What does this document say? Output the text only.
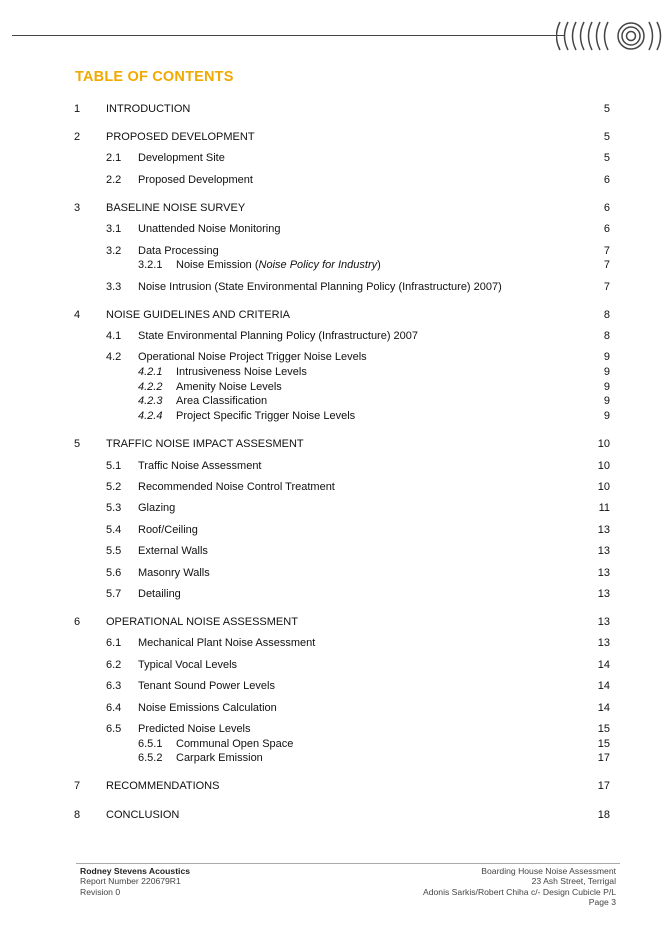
TABLE OF CONTENTS
1 INTRODUCTION	5
2 PROPOSED DEVELOPMENT	5
2.1 Development Site	5
2.2 Proposed Development	6
3 BASELINE NOISE SURVEY	6
3.1 Unattended Noise Monitoring	6
3.2 Data Processing	7
3.2.1 Noise Emission (Noise Policy for Industry)	7
3.3 Noise Intrusion (State Environmental Planning Policy (Infrastructure) 2007)	7
4 NOISE GUIDELINES AND CRITERIA	8
4.1 State Environmental Planning Policy (Infrastructure) 2007	8
4.2 Operational Noise Project Trigger Noise Levels	9
4.2.1 Intrusiveness Noise Levels	9
4.2.2 Amenity Noise Levels	9
4.2.3 Area Classification	9
4.2.4 Project Specific Trigger Noise Levels	9
5 TRAFFIC NOISE IMPACT ASSESMENT	10
5.1 Traffic Noise Assessment	10
5.2 Recommended Noise Control Treatment	10
5.3 Glazing	11
5.4 Roof/Ceiling	13
5.5 External Walls	13
5.6 Masonry Walls	13
5.7 Detailing	13
6 OPERATIONAL NOISE ASSESSMENT	13
6.1 Mechanical Plant Noise Assessment	13
6.2 Typical Vocal Levels	14
6.3 Tenant Sound Power Levels	14
6.4 Noise Emissions Calculation	14
6.5 Predicted Noise Levels	15
6.5.1 Communal Open Space	15
6.5.2 Carpark Emission	17
7 RECOMMENDATIONS	17
8 CONCLUSION	18
Rodney Stevens Acoustics
Report Number 220679R1
Revision 0
Boarding House Noise Assessment
23 Ash Street, Terrigal
Adonis Sarkis/Robert Chiha c/- Design Cubicle P/L
Page 3
